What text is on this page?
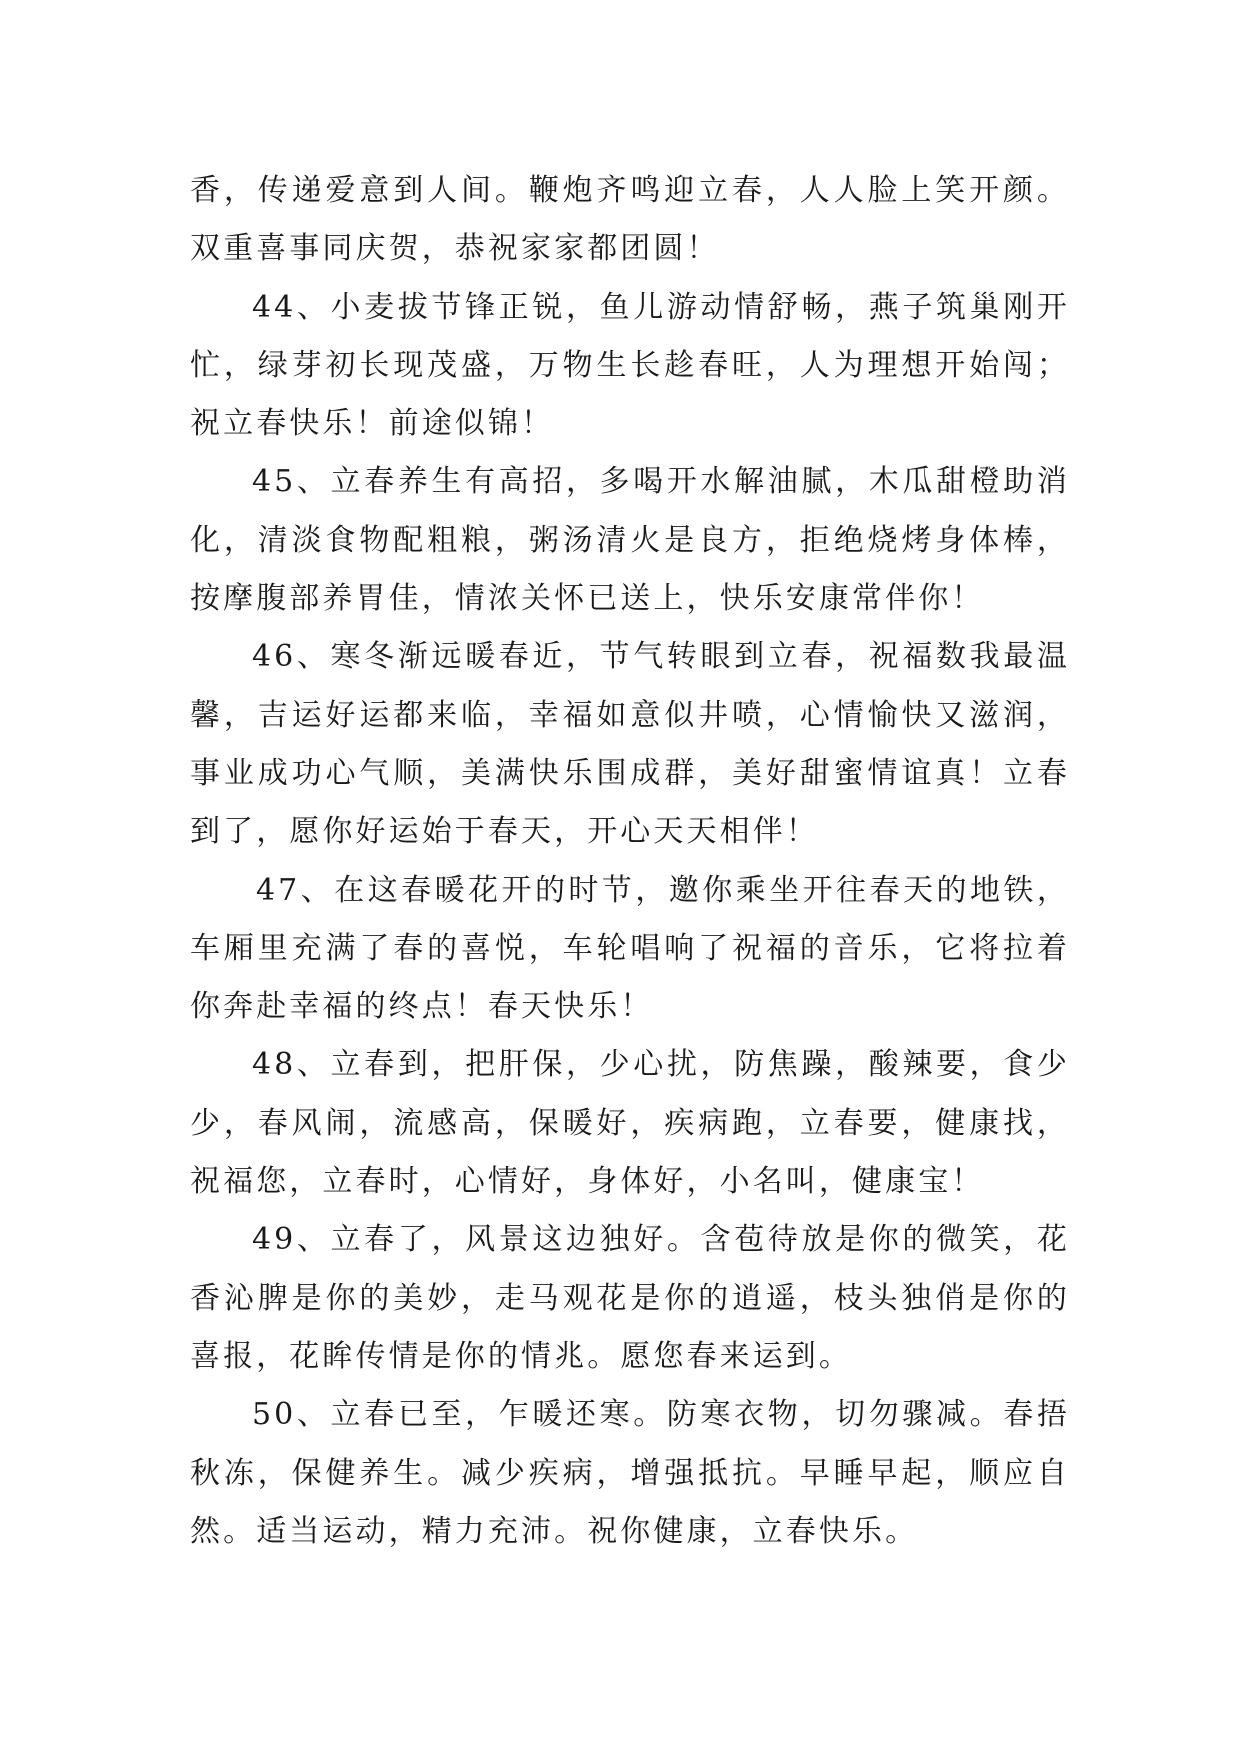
香，传递爱意到人间。鞭炮齐鸣迎立春，人人脸上笑开颜。双重喜事同庆贺，恭祝家家都团圆！

44、小麦拔节锋正锐，鱼儿游动情舒畅，燕子筑巢刚开忙，绿芽初长现茂盛，万物生长趁春旺，人为理想开始闯；祝立春快乐！前途似锦！

45、立春养生有高招，多喝开水解油腻，木瓜甜橙助消化，清淡食物配粗粮，粥汤清火是良方，拒绝烧烤身体棒，按摩腹部养胃佳，情浓关怀已送上，快乐安康常伴你！

46、寒冬渐远暖春近，节气转眼到立春，祝福数我最温馨，吉运好运都来临，幸福如意似井喷，心情愉快又滋润，事业成功心气顺，美满快乐围成群，美好甜蜜情谊真！立春到了，愿你好运始于春天，开心天天相伴！

47、在这春暖花开的时节，邀你乘坐开往春天的地铁，车厢里充满了春的喜悦，车轮唱响了祝福的音乐，它将拉着你奔赴幸福的终点！春天快乐！

48、立春到，把肝保，少心扰，防焦躁，酸辣要，食少少，春风闹，流感高，保暖好，疾病跑，立春要，健康找，祝福您，立春时，心情好，身体好，小名叫，健康宝！

49、立春了，风景这边独好。含苞待放是你的微笑，花香沁脾是你的美妙，走马观花是你的逍遥，枝头独俏是你的喜报，花眸传情是你的情兆。愿您春来运到。

50、立春已至，乍暖还寒。防寒衣物，切勿骤减。春捂秋冻，保健养生。减少疾病，增强抵抗。早睡早起，顺应自然。适当运动，精力充沛。祝你健康，立春快乐。
